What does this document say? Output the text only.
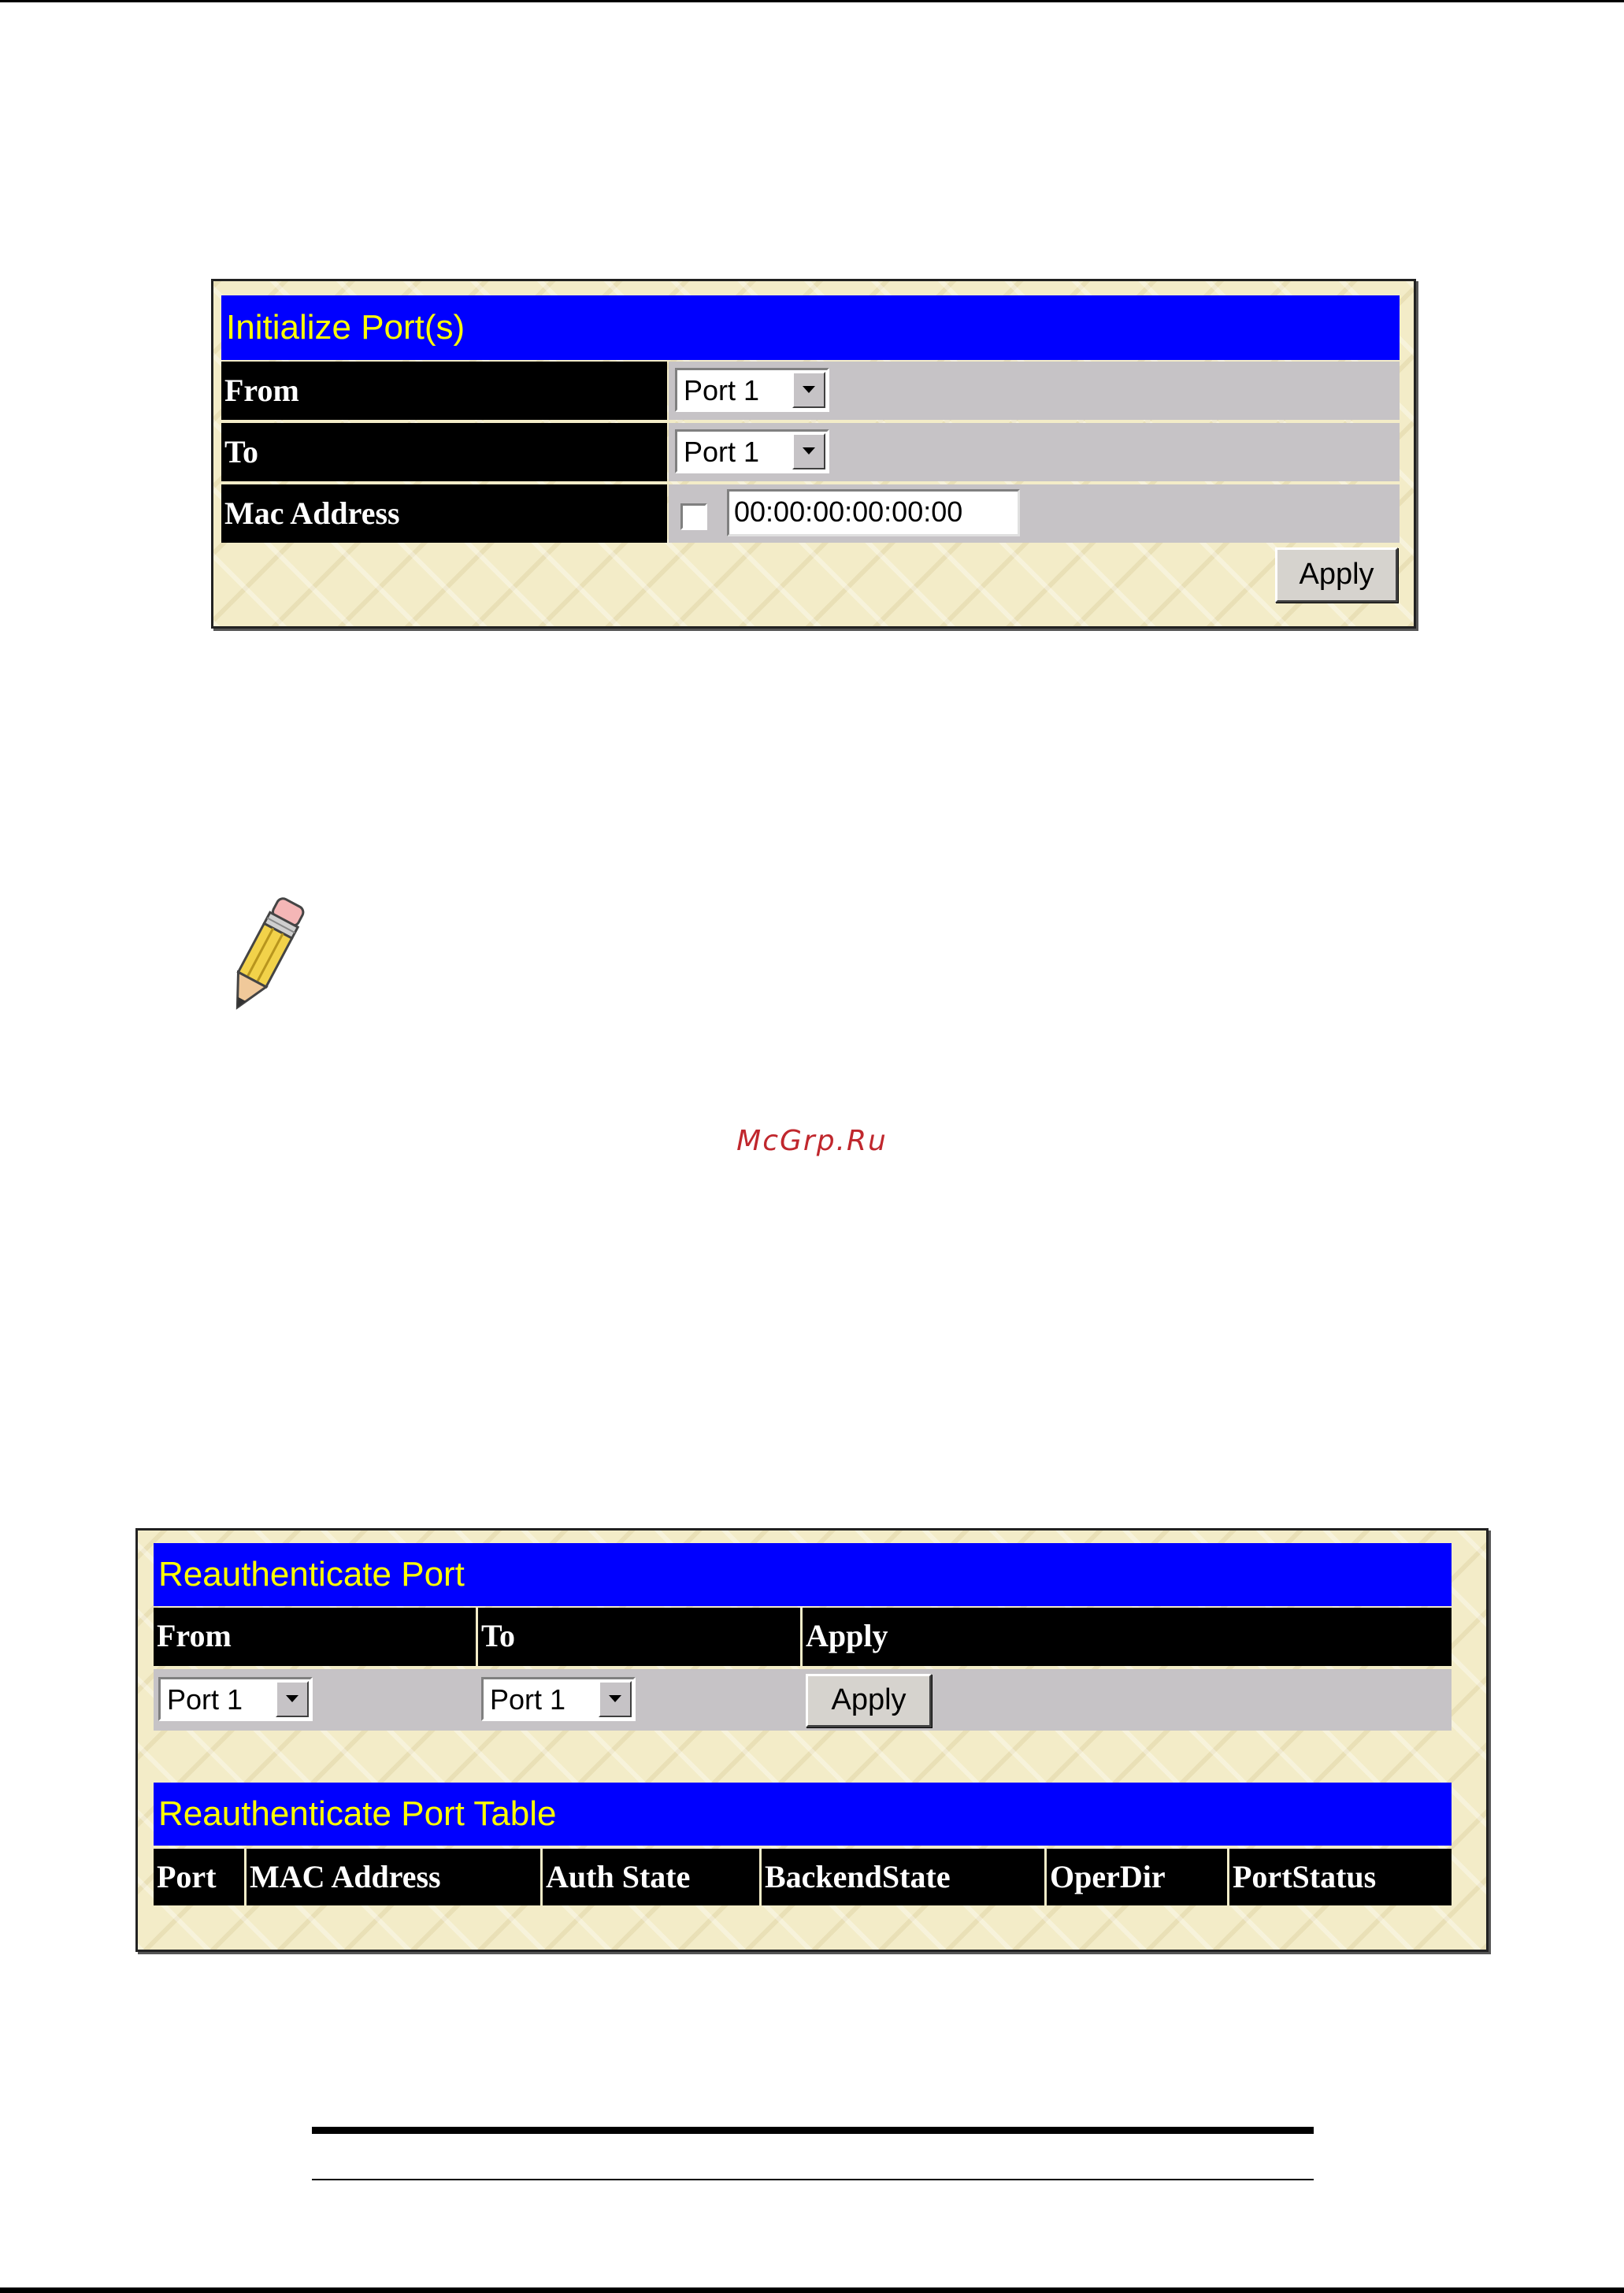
Initialize Port(s)
From	Port 1
To	Port 1
Mac Address	00:00:00:00:00:00
Apply
McGrp.Ru
Reauthenticate Port
From	To	Apply
Port 1	Port 1	Apply
Reauthenticate Port Table
Port	MAC Address	Auth State	BackendState	OperDir	PortStatus
